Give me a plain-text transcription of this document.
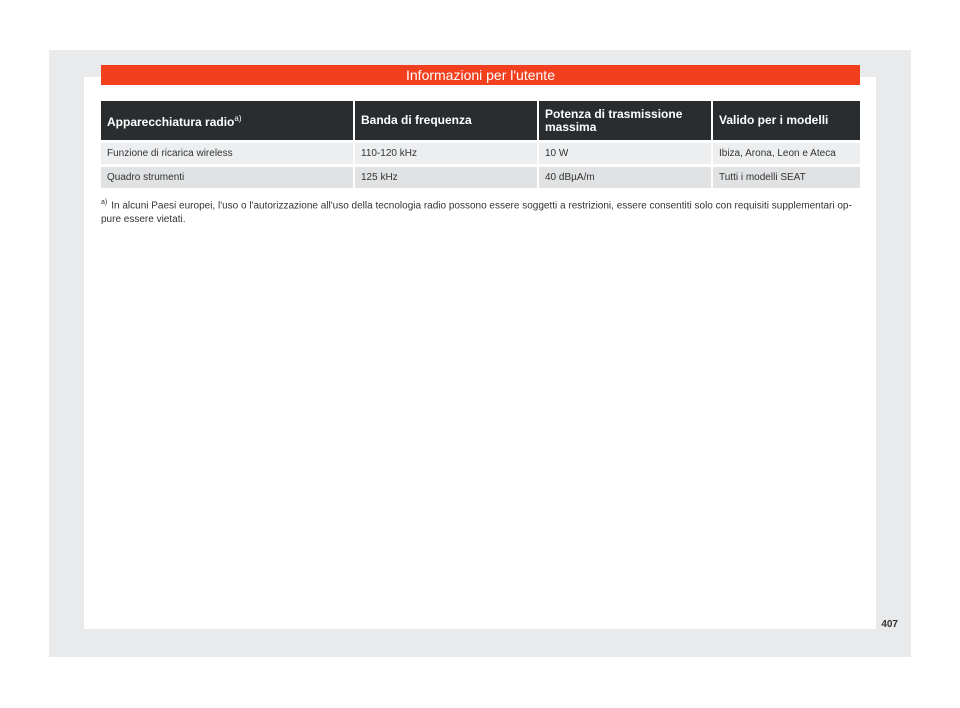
Informazioni per l'utente
Apparecchiatura radio$^{a)}$	Banda di frequenza	Potenza di trasmissione massima	Valido per i modelli
Funzione di ricarica wireless	110-120 kHz	10 W	Ibiza, Arona, Leon e Ateca
Quadro strumenti	125 kHz	40 dBµA/m	Tutti i modelli SEAT
$^{a)}$ In alcuni Paesi europei, l'uso o l'autorizzazione all'uso della tecnologia radio possono essere soggetti a restrizioni, essere consentiti solo con requisiti supplementari oppure essere vietati.
407
